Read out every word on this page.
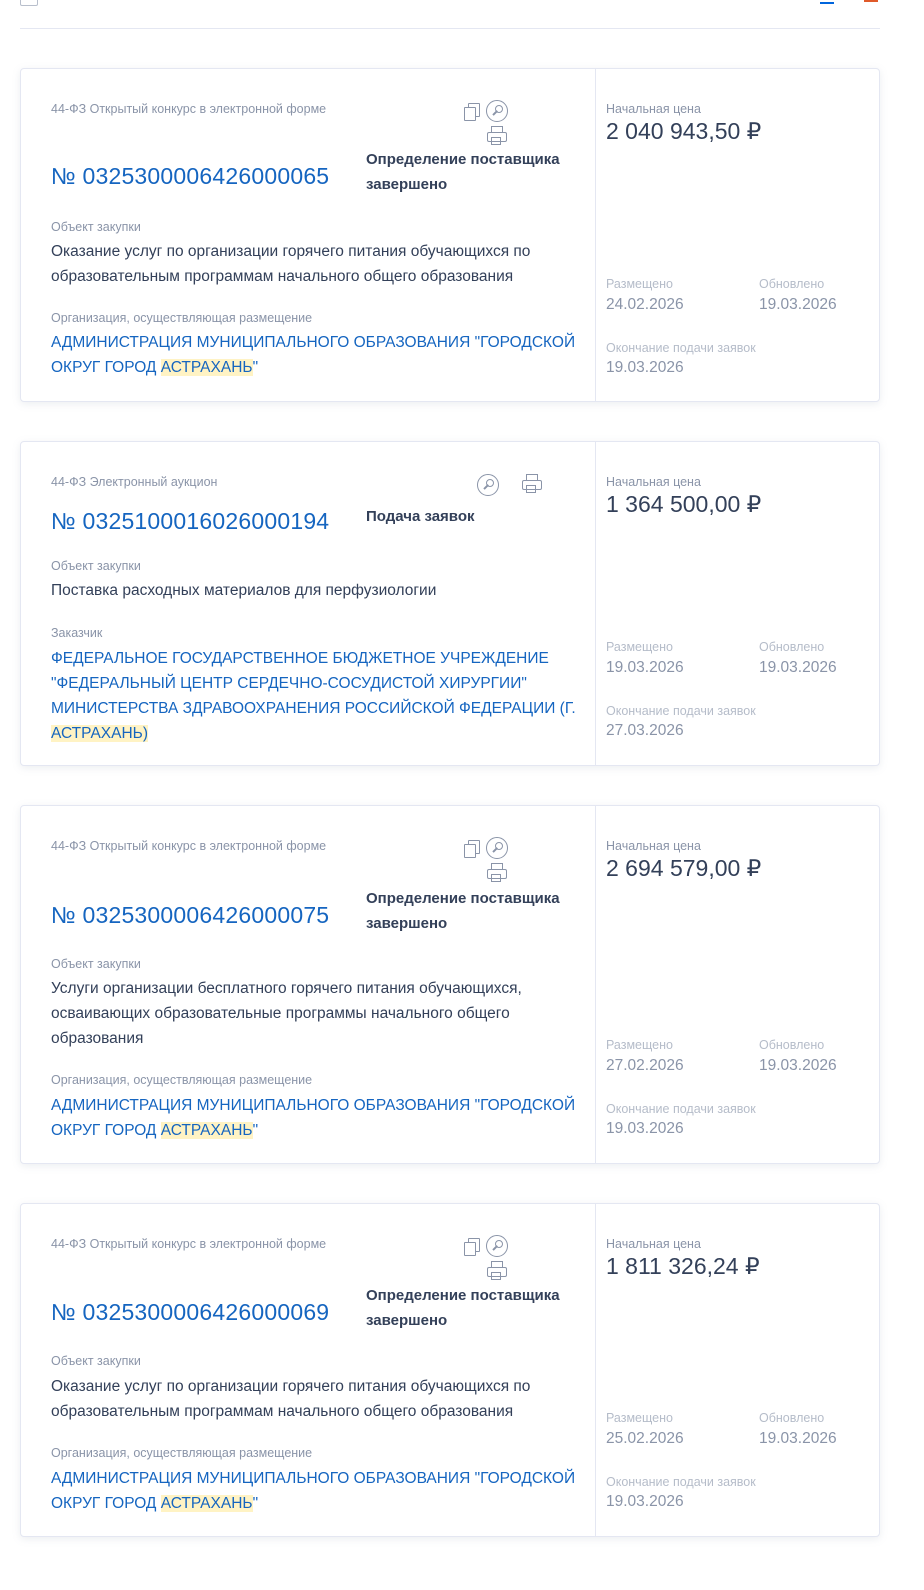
44-ФЗ Открытый конкурс в электронной форме
№ 0325300006426000065
Определение поставщика завершено
Объект закупки
Оказание услуг по организации горячего питания обучающихся по образовательным программам начального общего образования
Организация, осуществляющая размещение
АДМИНИСТРАЦИЯ МУНИЦИПАЛЬНОГО ОБРАЗОВАНИЯ "ГОРОДСКОЙ ОКРУГ ГОРОД АСТРАХАНЬ"
Начальная цена
2 040 943,50 ₽
Размещено
24.02.2026
Обновлено
19.03.2026
Окончание подачи заявок
19.03.2026
44-ФЗ Электронный аукцион
№ 0325100016026000194 Подача заявок
Объект закупки
Поставка расходных материалов для перфузиологии
Заказчик
ФЕДЕРАЛЬНОЕ ГОСУДАРСТВЕННОЕ БЮДЖЕТНОЕ УЧРЕЖДЕНИЕ "ФЕДЕРАЛЬНЫЙ ЦЕНТР СЕРДЕЧНО-СОСУДИСТОЙ ХИРУРГИИ" МИНИСТЕРСТВА ЗДРАВООХРАНЕНИЯ РОССИЙСКОЙ ФЕДЕРАЦИИ (Г. АСТРАХАНЬ)
Начальная цена
1 364 500,00 ₽
Размещено
19.03.2026
Обновлено
19.03.2026
Окончание подачи заявок
27.03.2026
44-ФЗ Открытый конкурс в электронной форме
№ 0325300006426000075
Определение поставщика завершено
Объект закупки
Услуги организации бесплатного горячего питания обучающихся, осваивающих образовательные программы начального общего образования
Организация, осуществляющая размещение
АДМИНИСТРАЦИЯ МУНИЦИПАЛЬНОГО ОБРАЗОВАНИЯ "ГОРОДСКОЙ ОКРУГ ГОРОД АСТРАХАНЬ"
Начальная цена
2 694 579,00 ₽
Размещено
27.02.2026
Обновлено
19.03.2026
Окончание подачи заявок
19.03.2026
44-ФЗ Открытый конкурс в электронной форме
№ 0325300006426000069
Определение поставщика завершено
Объект закупки
Оказание услуг по организации горячего питания обучающихся по образовательным программам начального общего образования
Организация, осуществляющая размещение
АДМИНИСТРАЦИЯ МУНИЦИПАЛЬНОГО ОБРАЗОВАНИЯ "ГОРОДСКОЙ ОКРУГ ГОРОД АСТРАХАНЬ"
Начальная цена
1 811 326,24 ₽
Размещено
25.02.2026
Обновлено
19.03.2026
Окончание подачи заявок
19.03.2026
